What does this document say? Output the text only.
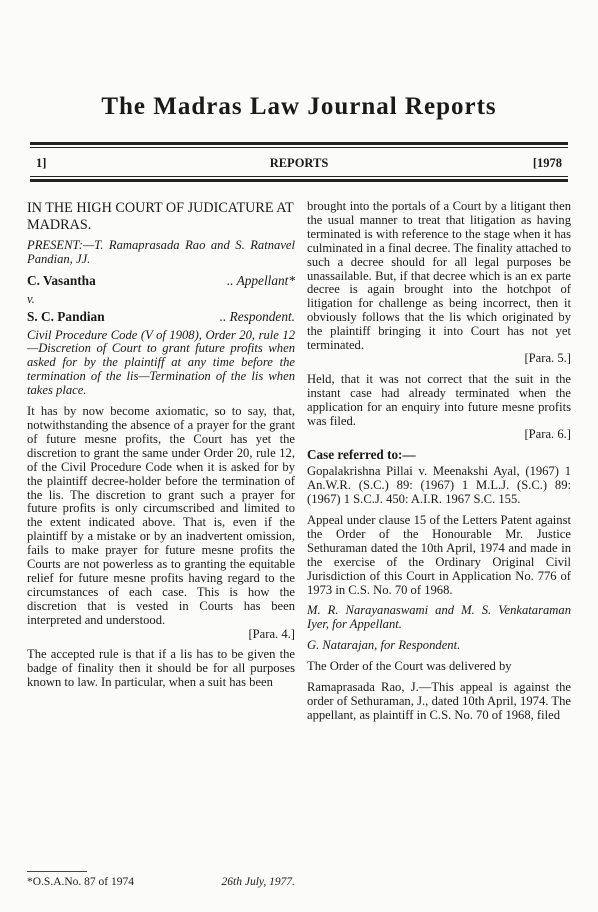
The Madras Law Journal Reports
1]	REPORTS	[1978

IN THE HIGH COURT OF JUDICATURE AT MADRAS.

PRESENT:—T. Ramaprasada Rao and S. Ratnavel Pandian, JJ.

C. Vasantha	.. Appellant*

v.

S. C. Pandian	.. Respondent.

Civil Procedure Code (V of 1908), Order 20, rule 12—Discretion of Court to grant future profits when asked for by the plaintiff at any time before the termination of the lis—Termination of the lis when takes place.

It has by now become axiomatic, so to say, that, notwithstanding the absence of a prayer for the grant of future mesne profits, the Court has yet the discretion to grant the same under Order 20, rule 12, of the Civil Procedure Code when it is asked for by the plaintiff decree-holder before the termination of the lis. The discretion to grant such a prayer for future profits is only circumscribed and limited to the extent indicated above. That is, even if the plaintiff by a mistake or by an inadvertent omission, fails to make prayer for future mesne profits the Courts are not powerless as to granting the equitable relief for future mesne profits having regard to the circumstances of each case. This is how the discretion that is vested in Courts has been interpreted and understood.

[Para. 4.]

The accepted rule is that if a lis has to be given the badge of finality then it should be for all purposes known to law. In particular, when a suit has been

*O.S.A.No. 87 of 1974	26th July, 1977.

brought into the portals of a Court by a litigant then the usual manner to treat that litigation as having terminated is with reference to the stage when it has culminated in a final decree. The finality attached to such a decree should for all legal purposes be unassailable. But, if that decree which is an ex parte decree is again brought into the hotchpot of litigation for challenge as being incorrect, then it obviously follows that the lis which originated by the plaintiff bringing it into Court has not yet terminated.

[Para. 5.]

Held, that it was not correct that the suit in the instant case had already terminated when the application for an enquiry into future mesne profits was filed.

[Para. 6.]

Case referred to:—

Gopalakrishna Pillai v. Meenakshi Ayal, (1967) 1 An.W.R. (S.C.) 89: (1967) 1 M.L.J. (S.C.) 89: (1967) 1 S.C.J. 450: A.I.R. 1967 S.C. 155.

Appeal under clause 15 of the Letters Patent against the Order of the Honourable Mr. Justice Sethuraman dated the 10th April, 1974 and made in the exercise of the Ordinary Original Civil Jurisdiction of this Court in Application No. 776 of 1973 in C.S. No. 70 of 1968.

M. R. Narayanaswami and M. S. Venkataraman Iyer, for Appellant.

G. Natarajan, for Respondent.

The Order of the Court was delivered by

Ramaprasada Rao, J.—This appeal is against the order of Sethuraman, J., dated 10th April, 1974. The appellant, as plaintiff in C.S. No. 70 of 1968, filed
